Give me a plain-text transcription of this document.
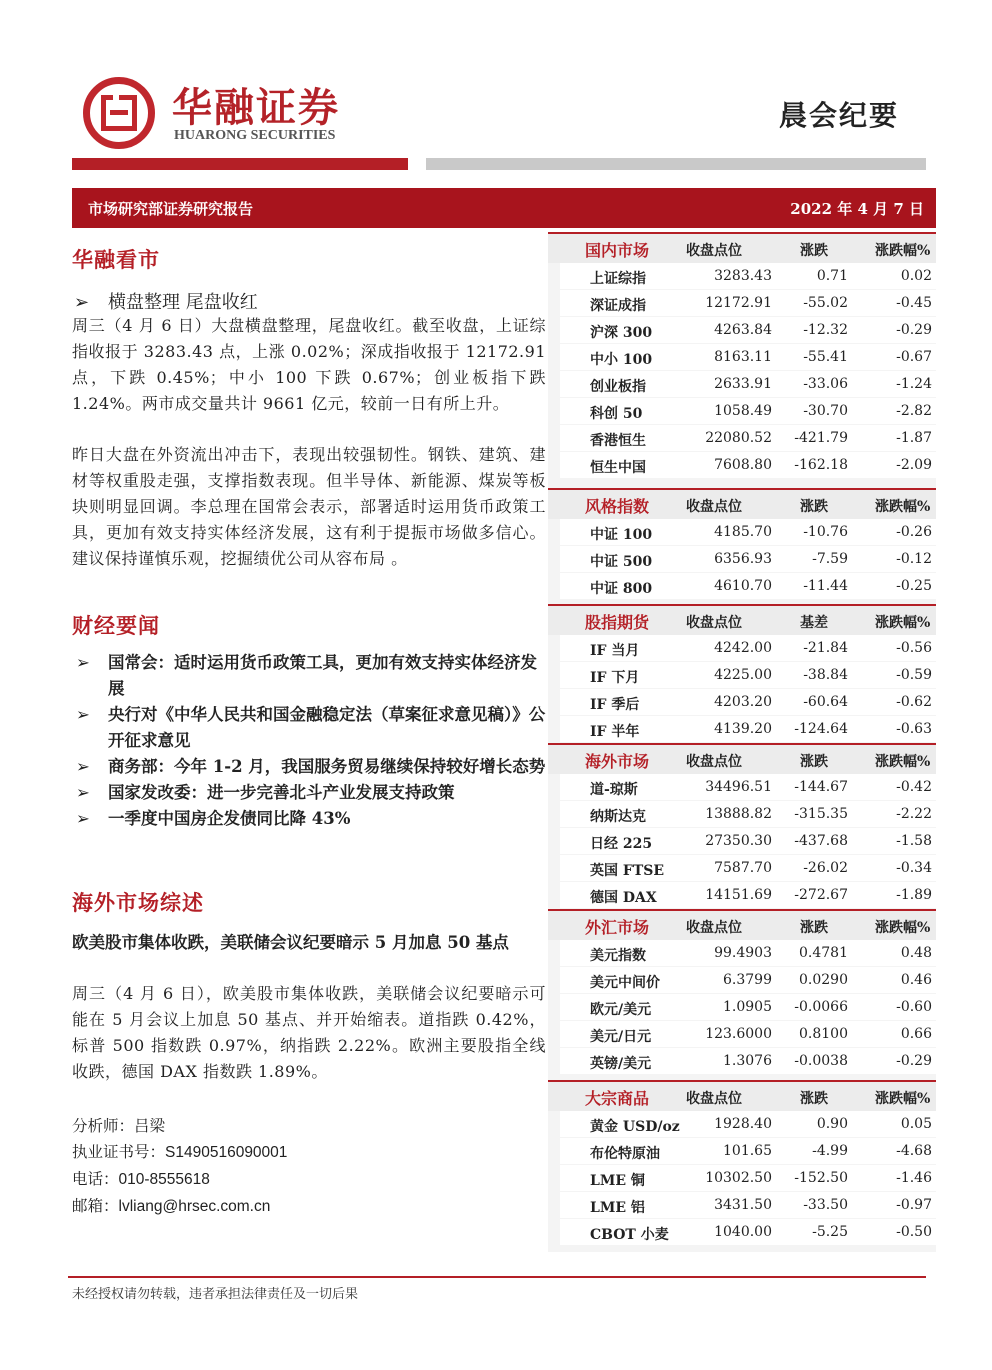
华融证券
HUARONG SECURITIES
晨会纪要
市场研究部证券研究报告	2022 年 4 月 7 日
华融看市
➢ 横盘整理 尾盘收红

周三（4 月 6 日）大盘横盘整理，尾盘收红。截至收盘，上证综指收报于 3283.43 点，上涨 0.02%；深成指收报于 12172.91 点，下跌 0.45%；中小 100 下跌 0.67%；创业板指下跌 1.24%。两市成交量共计 9661 亿元，较前一日有所上升。

昨日大盘在外资流出冲击下，表现出较强韧性。钢铁、建筑、建材等权重股走强，支撑指数表现。但半导体、新能源、煤炭等板块则明显回调。李总理在国常会表示，部署适时运用货币政策工具，更加有效支持实体经济发展，这有利于提振市场做多信心。建议保持谨慎乐观，挖掘绩优公司从容布局 。

财经要闻
➢ 国常会：适时运用货币政策工具，更加有效支持实体经济发展
➢ 央行对《中华人民共和国金融稳定法（草案征求意见稿）》公开征求意见
➢ 商务部：今年 1-2 月，我国服务贸易继续保持较好增长态势
➢ 国家发改委：进一步完善北斗产业发展支持政策
➢ 一季度中国房企发债同比降 43%
海外市场综述
欧美股市集体收跌，美联储会议纪要暗示 5 月加息 50 基点

周三（4 月 6 日），欧美股市集体收跌，美联储会议纪要暗示可能在 5 月会议上加息 50 基点、并开始缩表。道指跌 0.42%，标普 500 指数跌 0.97%，纳指跌 2.22%。欧洲主要股指全线收跌，德国 DAX 指数跌 1.89%。

分析师：吕梁
执业证书号：S1490516090001
电话：010-8555618
邮箱：lvliang@hrsec.com.cn
国内市场	收盘点位	涨跌	涨跌幅%
上证综指	3283.43	0.71	0.02
深证成指	12172.91 -55.02	-0.45
沪深 300	4263.84 -12.32	-0.29
中小 100	8163.11 -55.41	-0.67
创业板指	2633.91 -33.06	-1.24
科创 50	1058.49 -30.70	-2.82
香港恒生	22080.52 -421.79	-1.87
恒生中国	7608.80 -162.18	-2.09
风格指数	收盘点位	涨跌	涨跌幅%
中证 100	4185.70 -10.76	-0.26
中证 500	6356.93	-7.59	-0.12
中证 800	4610.70 -11.44	-0.25
股指期货	收盘点位	基差	涨跌幅%
IF 当月	4242.00 -21.84	-0.56
IF 下月	4225.00 -38.84	-0.59
IF 季后	4203.20 -60.64	-0.62
IF 半年	4139.20 -124.64	-0.63
海外市场	收盘点位	涨跌	涨跌幅%
道-琼斯	34496.51 -144.67	-0.42
纳斯达克	13888.82 -315.35	-2.22
日经 225	27350.30 -437.68	-1.58
英国 FTSE	7587.70 -26.02	-0.34
德国 DAX	14151.69 -272.67	-1.89
外汇市场	收盘点位	涨跌	涨跌幅%
美元指数	99.4903 0.4781	0.48
美元中间价	6.3799 0.0290	0.46
欧元/美元	1.0905 -0.0066	-0.60
美元/日元	123.6000 0.8100	0.66
英镑/美元	1.3076 -0.0038	-0.29
大宗商品	收盘点位	涨跌	涨跌幅%
黄金 USD/oz 1928.40	0.90	0.05
布伦特原油	101.65	-4.99	-4.68
LME 铜	10302.50 -152.50	-1.46
LME 铝	3431.50 -33.50	-0.97
CBOT 小麦	1040.00	-5.25	-0.50
未经授权请勿转载，违者承担法律责任及一切后果
